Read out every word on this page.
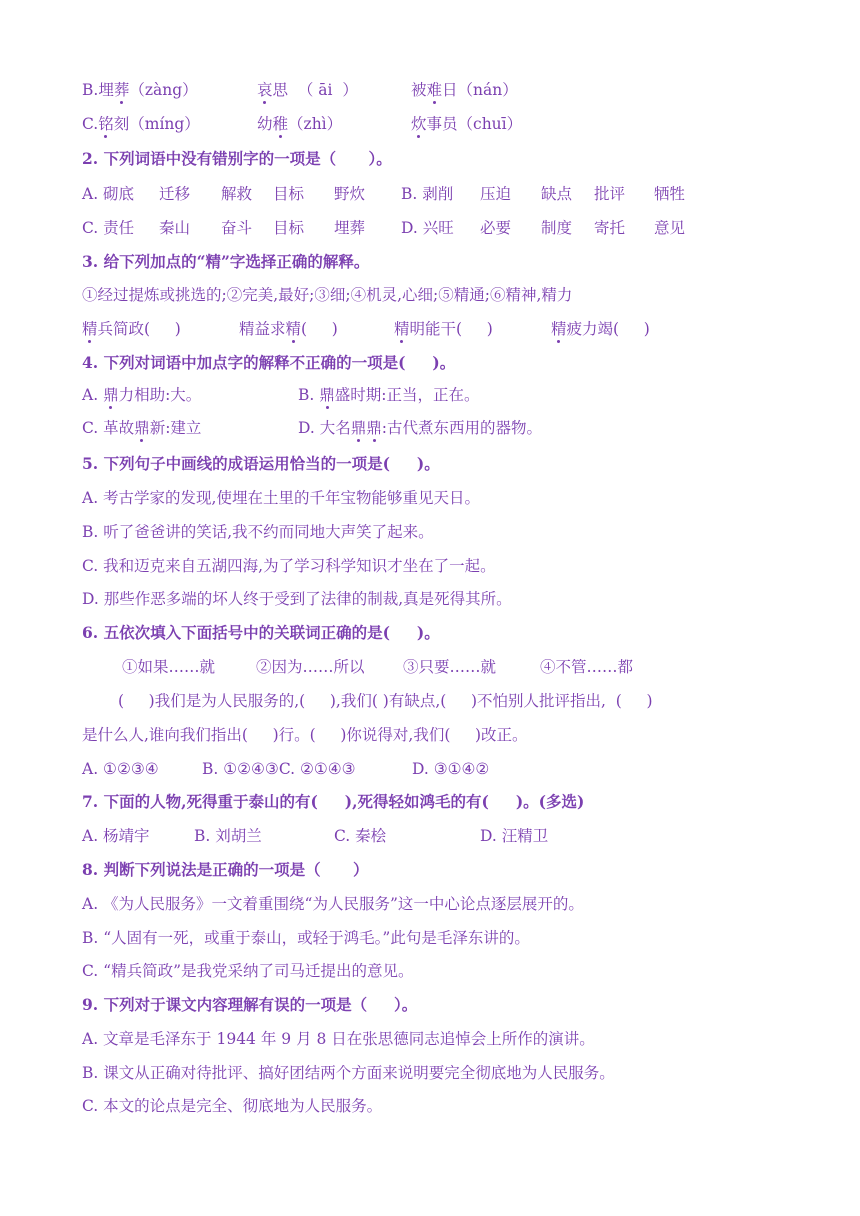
B.埋葬（zàng）	哀思  （ āi  ）	被难日（nán）
C.铭刻（míng）	幼稚（zhì）	炊事员（chuī）
2. 下列词语中没有错别字的一项是（      ）。
A. 砌底 迁移 解救 目标 野炊 B. 剥削 压迫 缺点 批评 牺牲
C. 责任 秦山 奋斗 目标 埋葬 D. 兴旺 必要 制度 寄托 意见
3. 给下列加点的“精”字选择正确的解释。
①经过提炼或挑选的;②完美,最好;③细;④机灵,心细;⑤精通;⑥精神,精力
精兵简政(     )	精益求精(     )	精明能干(     )	精疲力竭(     )
4. 下列对词语中加点字的解释不正确的一项是(     )。
A. 鼎力相助:大。	B. 鼎盛时期:正当，正在。
C. 革故鼎新:建立	D. 大名鼎鼎:古代煮东西用的器物。
5. 下列句子中画线的成语运用恰当的一项是(     )。
A. 考古学家的发现,使埋在土里的千年宝物能够重见天日。
B. 听了爸爸讲的笑话,我不约而同地大声笑了起来。
C. 我和迈克来自五湖四海,为了学习科学知识才坐在了一起。
D. 那些作恶多端的坏人终于受到了法律的制裁,真是死得其所。
6. 五依次填入下面括号中的关联词正确的是(     )。
①如果……就	②因为……所以 ③只要……就	④不管……都
(     )我们是为人民服务的,(     ),我们( )有缺点,(     )不怕别人批评指出,  (     )
是什么人,谁向我们指出(     )行。(     )你说得对,我们(     )改正。
A. ①②③④	B. ①②④③C. ②①④③	D. ③①④②
7. 下面的人物,死得重于泰山的有(     ),死得轻如鸿毛的有(     )。(多选)
A. 杨靖宇	B. 刘胡兰	C. 秦桧	D. 汪精卫
8. 判断下列说法是正确的一项是（      ）
A. 《为人民服务》一文着重围绕“为人民服务”这一中心论点逐层展开的。
B. “人固有一死，或重于泰山，或轻于鸿毛。”此句是毛泽东讲的。
C. “精兵简政”是我党采纳了司马迁提出的意见。
9. 下列对于课文内容理解有误的一项是（     ）。
A. 文章是毛泽东于 1944 年 9 月 8 日在张思德同志追悼会上所作的演讲。
B. 课文从正确对待批评、搞好团结两个方面来说明要完全彻底地为人民服务。
C. 本文的论点是完全、彻底地为人民服务。
